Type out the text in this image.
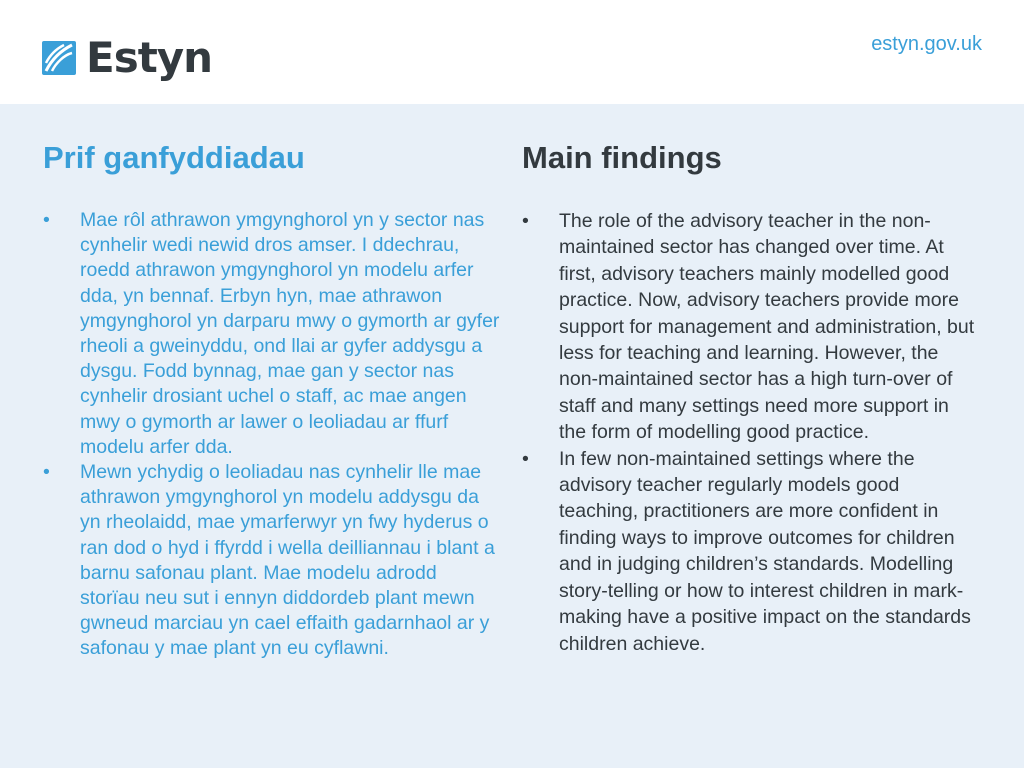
Estyn	estyn.gov.uk
Prif ganfyddiadau
• Mae rôl athrawon ymgynghorol yn y sector nas cynhelir wedi newid dros amser. I ddechrau, roedd athrawon ymgynghorol yn modelu arfer dda, yn bennaf. Erbyn hyn, mae athrawon ymgynghorol yn darparu mwy o gymorth ar gyfer rheoli a gweinyddu, ond llai ar gyfer addysgu a dysgu. Fodd bynnag, mae gan y sector nas cynhelir drosiant uchel o staff, ac mae angen mwy o gymorth ar lawer o leoliadau ar ffurf modelu arfer dda.
• Mewn ychydig o leoliadau nas cynhelir lle mae athrawon ymgynghorol yn modelu addysgu da yn rheolaidd, mae ymarferwyr yn fwy hyderus o ran dod o hyd i ffyrdd i wella deilliannau i blant a barnu safonau plant. Mae modelu adrodd storïau neu sut i ennyn diddordeb plant mewn gwneud marciau yn cael effaith gadarnhaol ar y safonau y mae plant yn eu cyflawni.
Main findings
• The role of the advisory teacher in the non-maintained sector has changed over time. At first, advisory teachers mainly modelled good practice. Now, advisory teachers provide more support for management and administration, but less for teaching and learning. However, the non-maintained sector has a high turn-over of staff and many settings need more support in the form of modelling good practice.
• In few non-maintained settings where the advisory teacher regularly models good teaching, practitioners are more confident in finding ways to improve outcomes for children and in judging children’s standards. Modelling story-telling or how to interest children in mark-making have a positive impact on the standards children achieve.
